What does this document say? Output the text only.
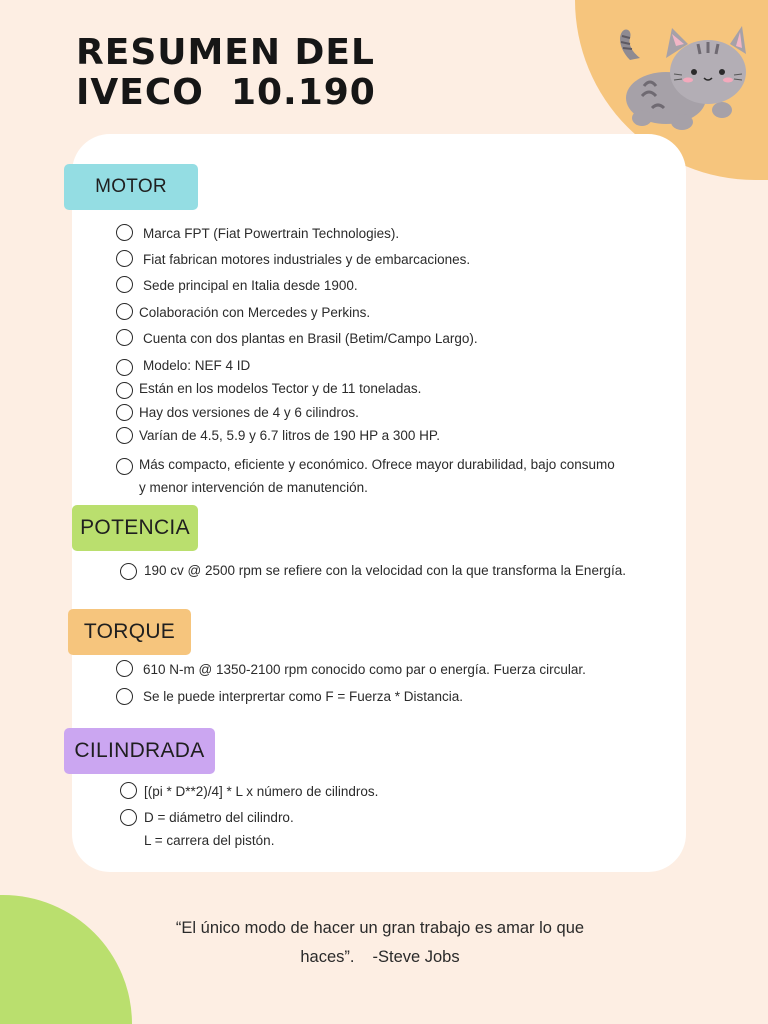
RESUMEN DEL
IVECO  10.190
MOTOR
Marca FPT (Fiat Powertrain Technologies).
Fiat fabrican motores industriales y de embarcaciones.
Sede principal en Italia desde 1900.
Colaboración con Mercedes y Perkins.
Cuenta con dos plantas en Brasil (Betim/Campo Largo).
Modelo: NEF 4 ID
Están en los modelos Tector y de 11 toneladas.
Hay dos versiones de 4 y 6 cilindros.
Varían de 4.5, 5.9 y 6.7 litros de 190 HP a 300 HP.
Más compacto, eficiente y económico. Ofrece mayor durabilidad, bajo consumo y menor intervención de manutención.
POTENCIA
190 cv @ 2500 rpm se refiere con la velocidad con la que transforma la Energía.
TORQUE
610 N-m @ 1350-2100 rpm conocido como par o energía. Fuerza circular.
Se le puede interprertar como F = Fuerza * Distancia.
CILINDRADA
[(pi * D**2)/4] * L x número de cilindros.
D = diámetro del cilindro.
L = carrera del pistón.
“El único modo de hacer un gran trabajo es amar lo que
haces”. -Steve Jobs
